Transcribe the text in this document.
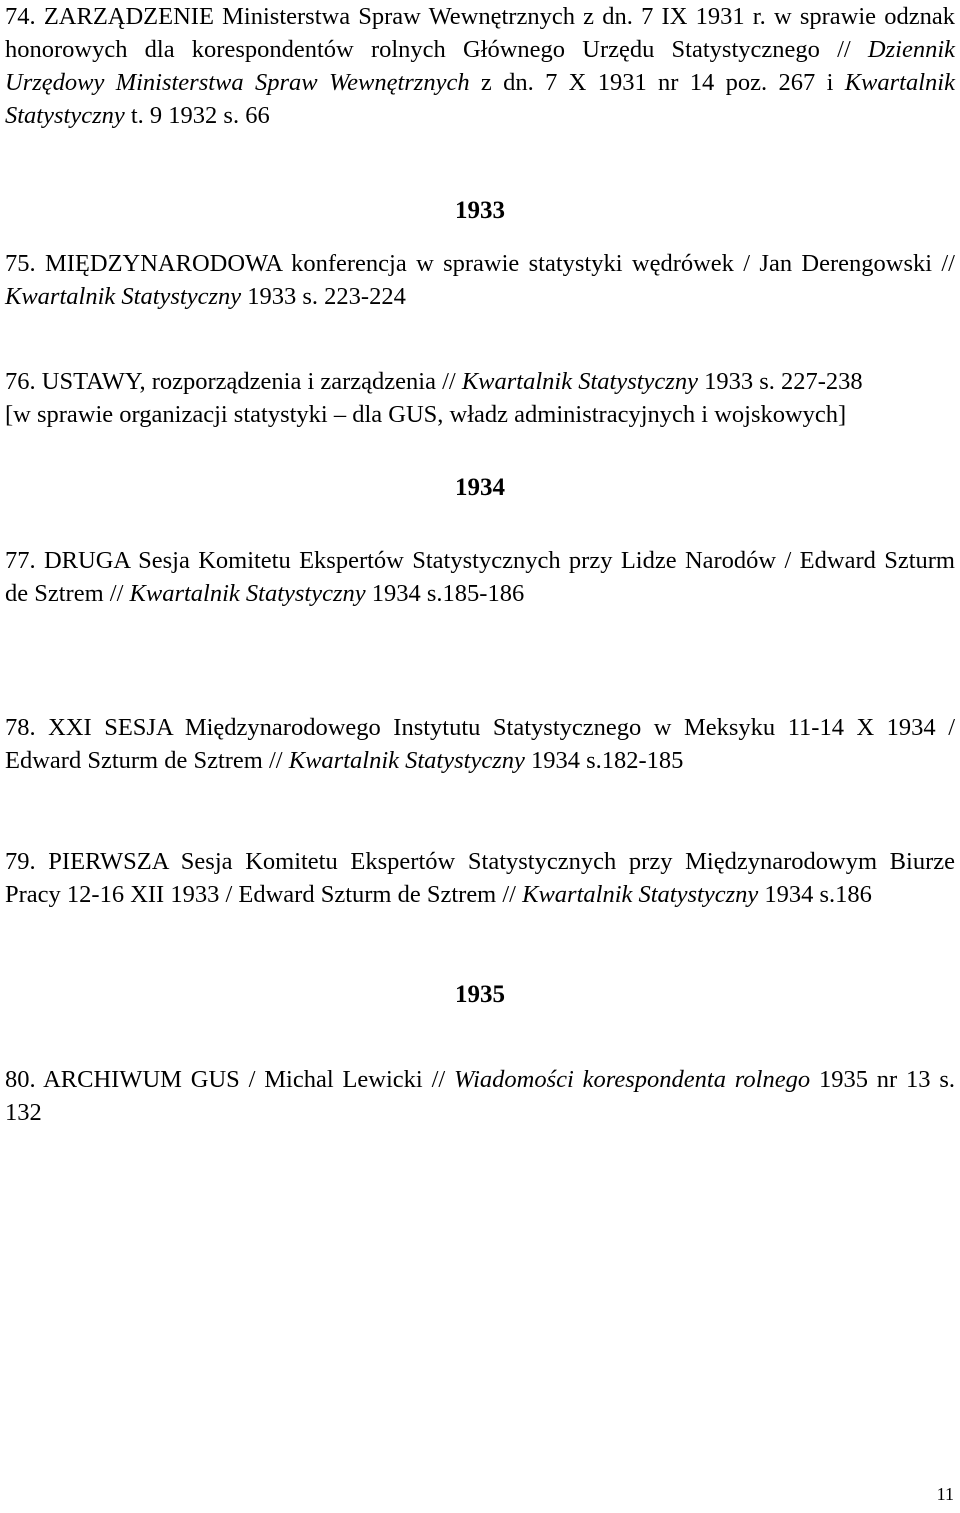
74. ZARZĄDZENIE Ministerstwa Spraw Wewnętrznych z dn. 7 IX 1931 r. w sprawie odznak honorowych dla korespondentów rolnych Głównego Urzędu Statystycznego // Dziennik Urzędowy Ministerstwa Spraw Wewnętrznych z dn. 7 X 1931 nr 14 poz. 267 i Kwartalnik Statystyczny t. 9 1932 s. 66

1933

75. MIĘDZYNARODOWA konferencja w sprawie statystyki wędrówek / Jan Derengowski // Kwartalnik Statystyczny 1933 s. 223-224

76. USTAWY, rozporządzenia i zarządzenia // Kwartalnik Statystyczny 1933 s. 227-238
[w sprawie organizacji statystyki – dla GUS, władz administracyjnych i wojskowych]

1934

77. DRUGA Sesja Komitetu Ekspertów Statystycznych przy Lidze Narodów / Edward Szturm de Sztrem // Kwartalnik Statystyczny 1934 s.185-186

78. XXI SESJA Międzynarodowego Instytutu Statystycznego w Meksyku 11-14 X 1934 / Edward Szturm de Sztrem // Kwartalnik Statystyczny 1934 s.182-185

79. PIERWSZA Sesja Komitetu Ekspertów Statystycznych przy Międzynarodowym Biurze Pracy 12-16 XII 1933 / Edward Szturm de Sztrem // Kwartalnik Statystyczny 1934 s.186

1935

80. ARCHIWUM GUS / Michal Lewicki // Wiadomości korespondenta rolnego 1935 nr 13 s. 132

11
